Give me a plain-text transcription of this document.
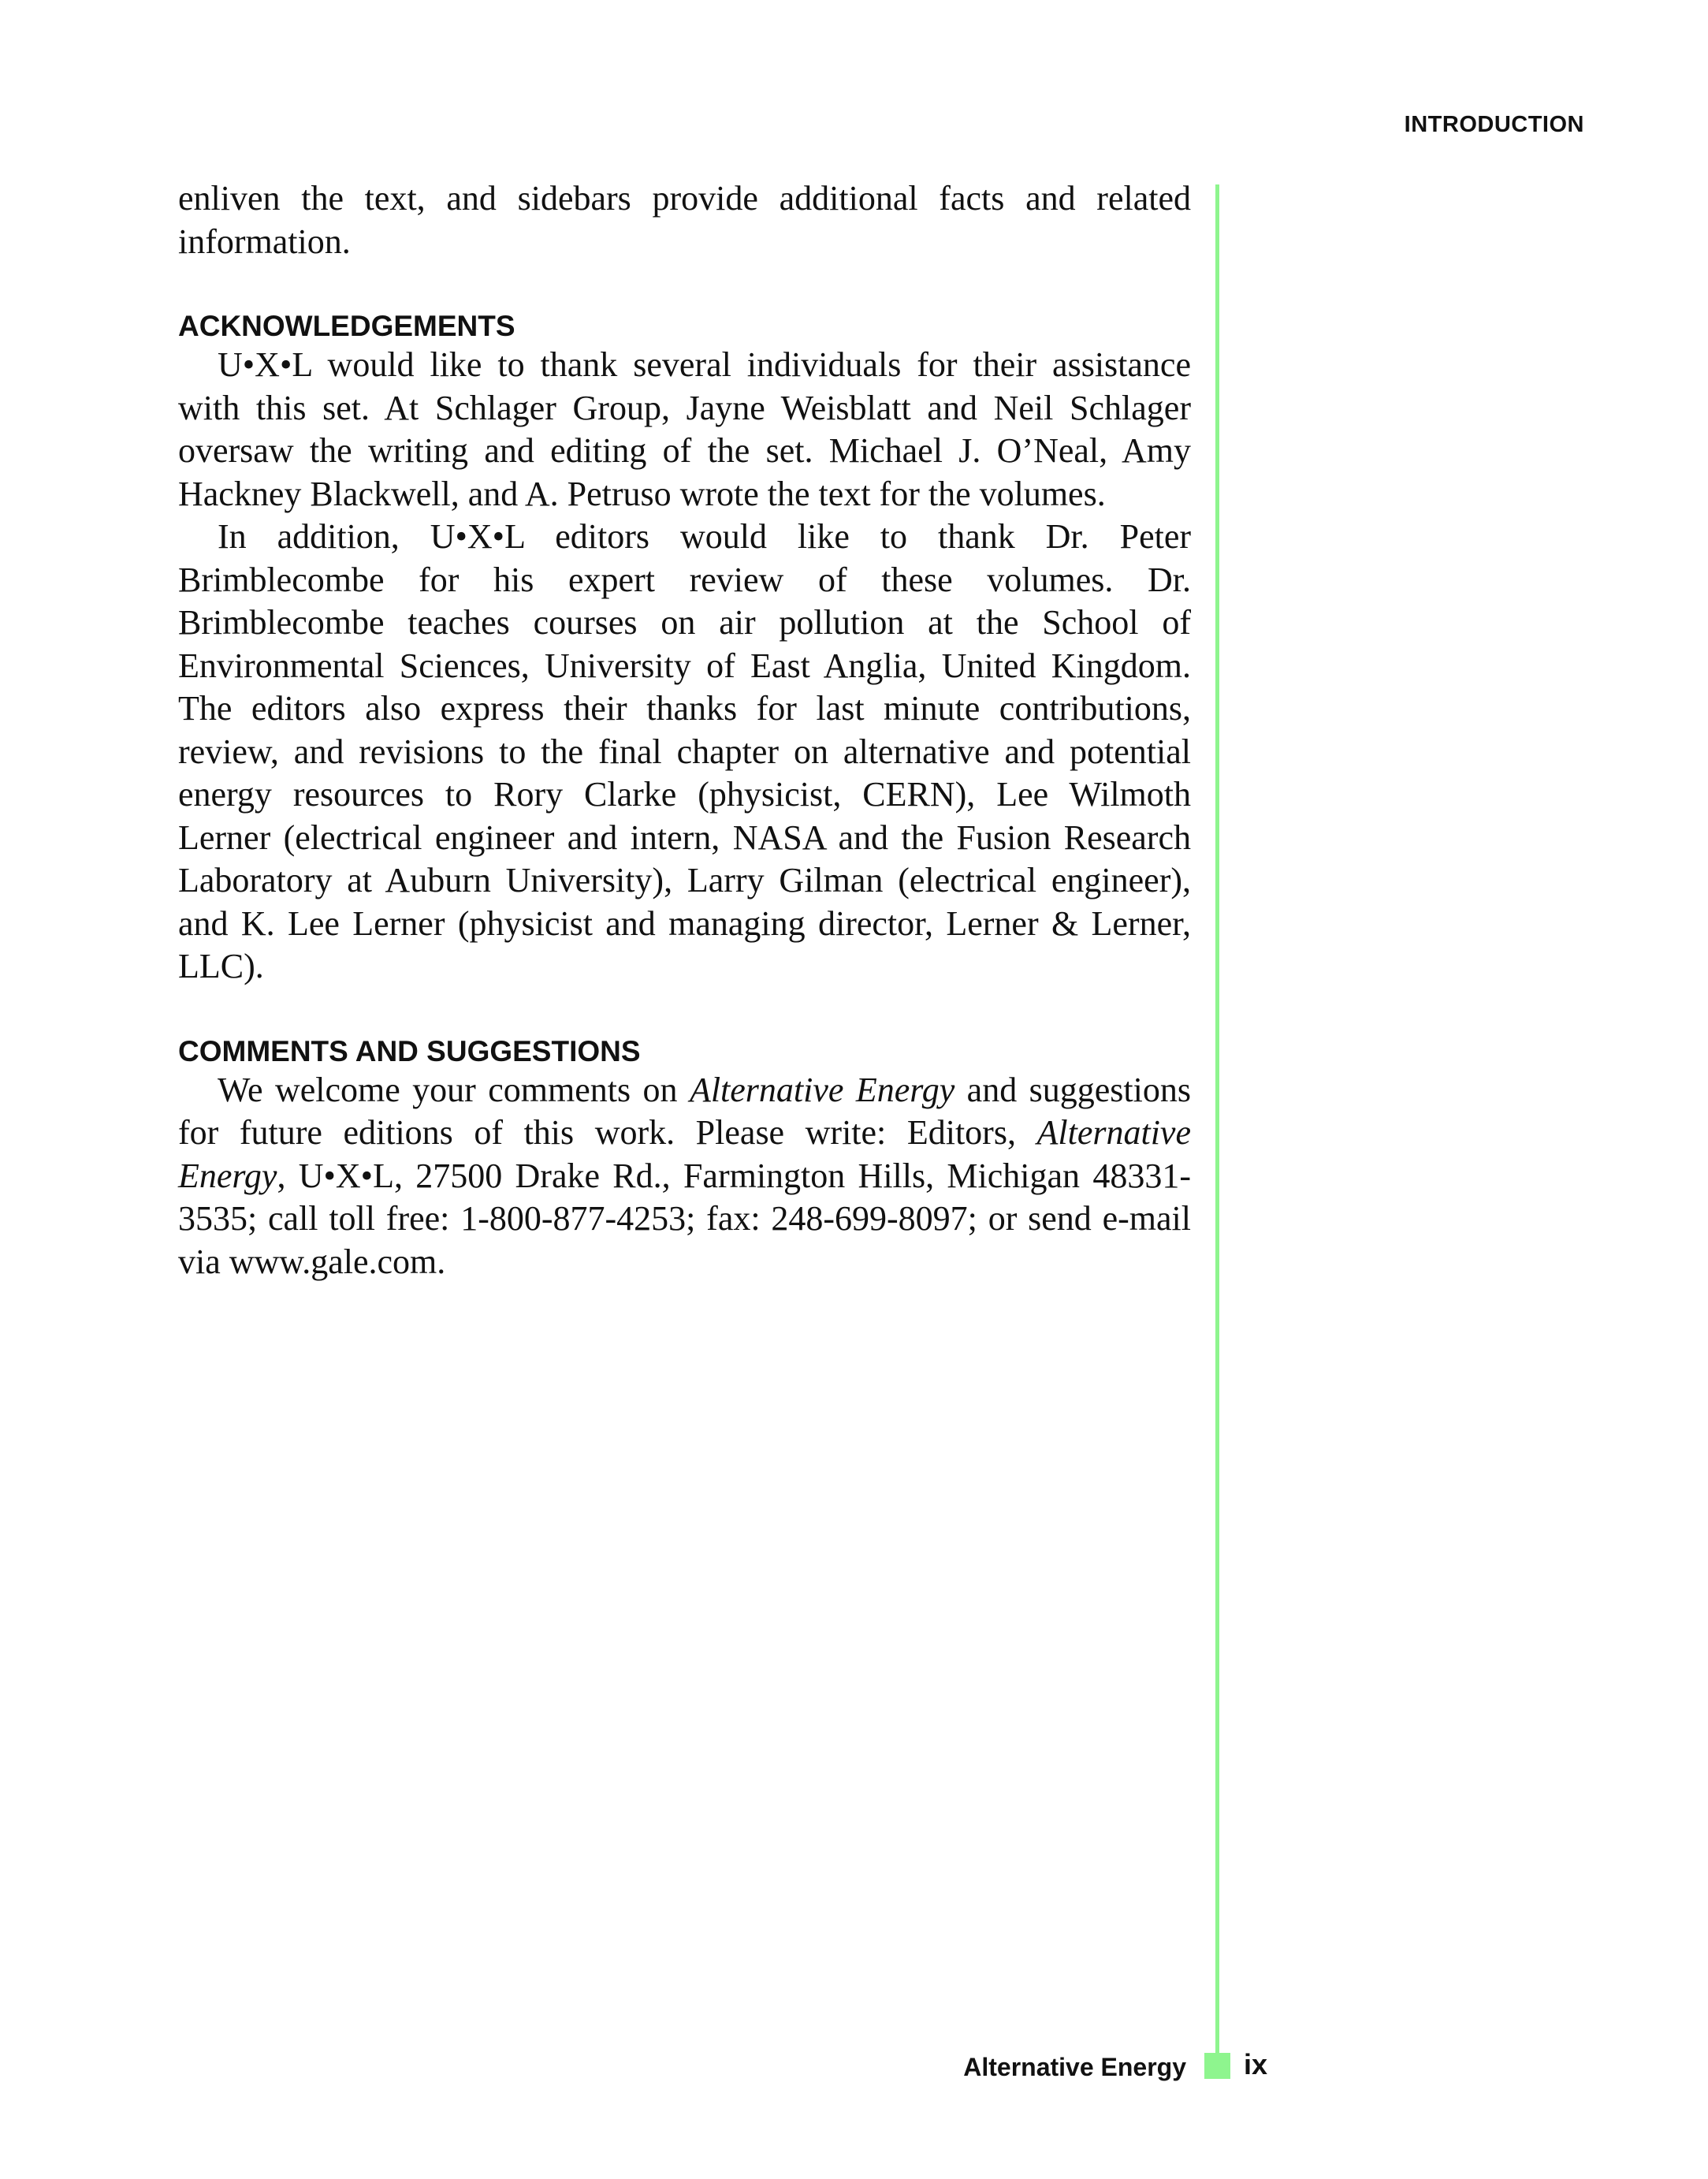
INTRODUCTION

enliven the text, and sidebars provide additional facts and related information.

ACKNOWLEDGEMENTS

U•X•L would like to thank several individuals for their assistance with this set. At Schlager Group, Jayne Weisblatt and Neil Schlager oversaw the writing and editing of the set. Michael J. O’Neal, Amy Hackney Blackwell, and A. Petruso wrote the text for the volumes.

In addition, U•X•L editors would like to thank Dr. Peter Brimblecombe for his expert review of these volumes. Dr. Brimblecombe teaches courses on air pollution at the School of Environmental Sciences, University of East Anglia, United Kingdom. The editors also express their thanks for last minute contributions, review, and revisions to the final chapter on alternative and potential energy resources to Rory Clarke (physicist, CERN), Lee Wilmoth Lerner (electrical engineer and intern, NASA and the Fusion Research Laboratory at Auburn University), Larry Gilman (electrical engineer), and K. Lee Lerner (physicist and managing director, Lerner & Lerner, LLC).

COMMENTS AND SUGGESTIONS

We welcome your comments on Alternative Energy and suggestions for future editions of this work. Please write: Editors, Alternative Energy, U•X•L, 27500 Drake Rd., Farmington Hills, Michigan 48331-3535; call toll free: 1-800-877-4253; fax: 248-699-8097; or send e-mail via www.gale.com.

Alternative Energy ix
